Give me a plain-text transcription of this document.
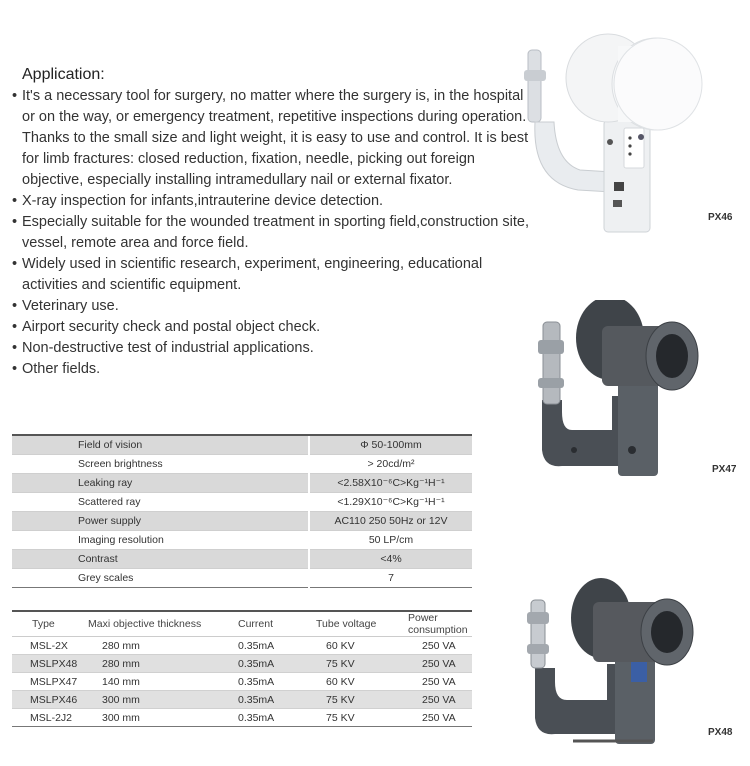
Application:
• It's a necessary tool for surgery, no matter where the surgery is, in the hospital or on the way, or emergency treatment, repetitive inspections during operation. Thanks to the small size and light weight, it is easy to use and control. It is best for limb fractures: closed reduction, fixation, needle, picking out foreign objective, especially installing intramedullary nail or external fixator.
• X-ray inspection for infants,intrauterine device detection.
• Especially suitable for the wounded treatment in sporting field,construction site, vessel, remote area and force field.
• Widely used in scientific research, experiment, engineering, educational activities and scientific equipment.
• Veterinary use.
• Airport security check and postal object check.
• Non-destructive test of industrial applications.
• Other fields.
Field of vision	Φ 50-100mm
Screen brightness	> 20cd/m²
Leaking ray	<2.58X10⁻⁶C>Kg⁻¹H⁻¹
Scattered ray	<1.29X10⁻⁶C>Kg⁻¹H⁻¹
Power supply	AC110 250 50Hz or 12V
Imaging resolution	50 LP/cm
Contrast	<4%
Grey scales	7
Type	Maxi objective thickness	Current	Tube voltage	Power consumption
MSL-2X	280 mm	0.35mA	60 KV	250 VA
MSLPX48	280 mm	0.35mA	75 KV	250 VA
MSLPX47	140 mm	0.35mA	60 KV	250 VA
MSLPX46	300 mm	0.35mA	75 KV	250 VA
MSL-2J2	300 mm	0.35mA	75 KV	250 VA
PX46
PX47
PX48
